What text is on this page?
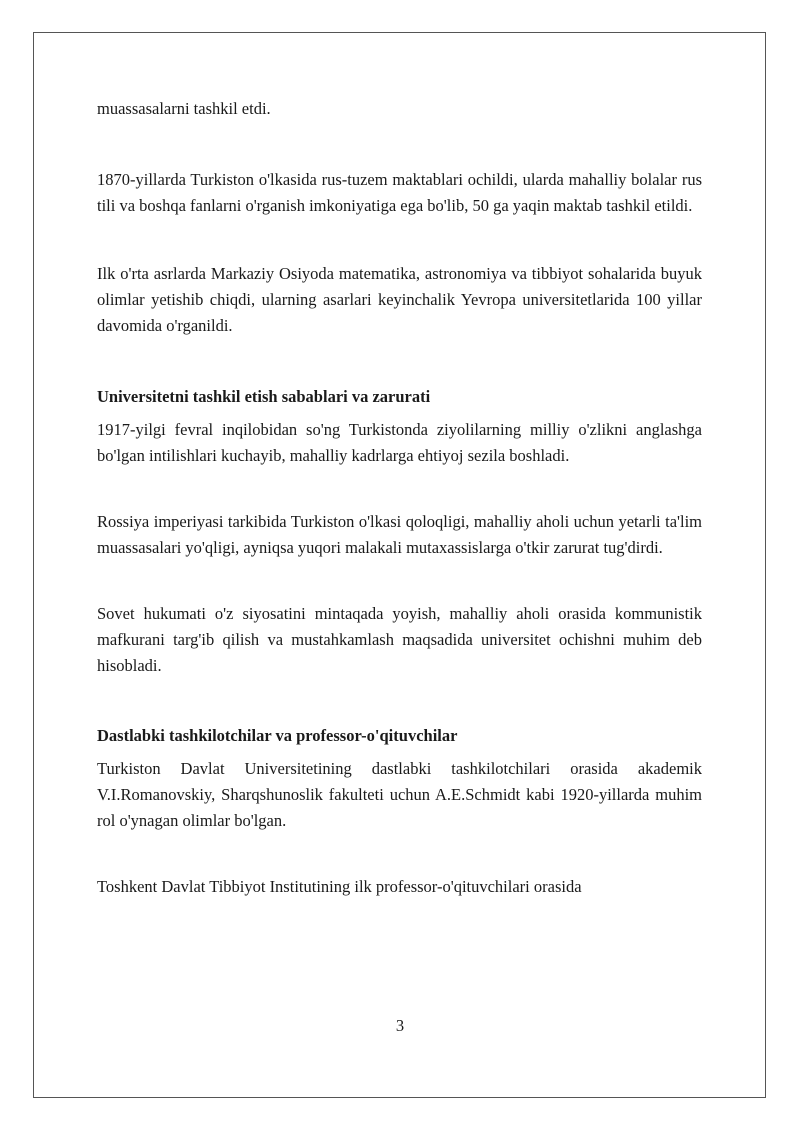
muassasalarni tashkil etdi.

1870-yillarda Turkiston o'lkasida rus-tuzem maktablari ochildi, ularda mahalliy bolalar rus tili va boshqa fanlarni o'rganish imkoniyatiga ega bo'lib, 50 ga yaqin maktab tashkil etildi.

Ilk o'rta asrlarda Markaziy Osiyoda matematika, astronomiya va tibbiyot sohalarida buyuk olimlar yetishib chiqdi, ularning asarlari keyinchalik Yevropa universitetlarida 100 yillar davomida o'rganildi.

Universitetni tashkil etish sabablari va zarurati

1917-yilgi fevral inqilobidan so'ng Turkistonda ziyolilarning milliy o'zlikni anglashga bo'lgan intilishlari kuchayib, mahalliy kadrlarga ehtiyoj sezila boshladi.

Rossiya imperiyasi tarkibida Turkiston o'lkasi qoloqligi, mahalliy aholi uchun yetarli ta'lim muassasalari yo'qligi, ayniqsa yuqori malakali mutaxassislarga o'tkir zarurat tug'dirdi.

Sovet hukumati o'z siyosatini mintaqada yoyish, mahalliy aholi orasida kommunistik mafkurani targ'ib qilish va mustahkamlash maqsadida universitet ochishni muhim deb hisobladi.

Dastlabki tashkilotchilar va professor-o'qituvchilar

Turkiston Davlat Universitetining dastlabki tashkilotchilari orasida akademik V.I.Romanovskiy, Sharqshunoslik fakulteti uchun A.E.Schmidt kabi 1920-yillarda muhim rol o'ynagan olimlar bo'lgan.

Toshkent Davlat Tibbiyot Institutining ilk professor-o'qituvchilari orasida

3
